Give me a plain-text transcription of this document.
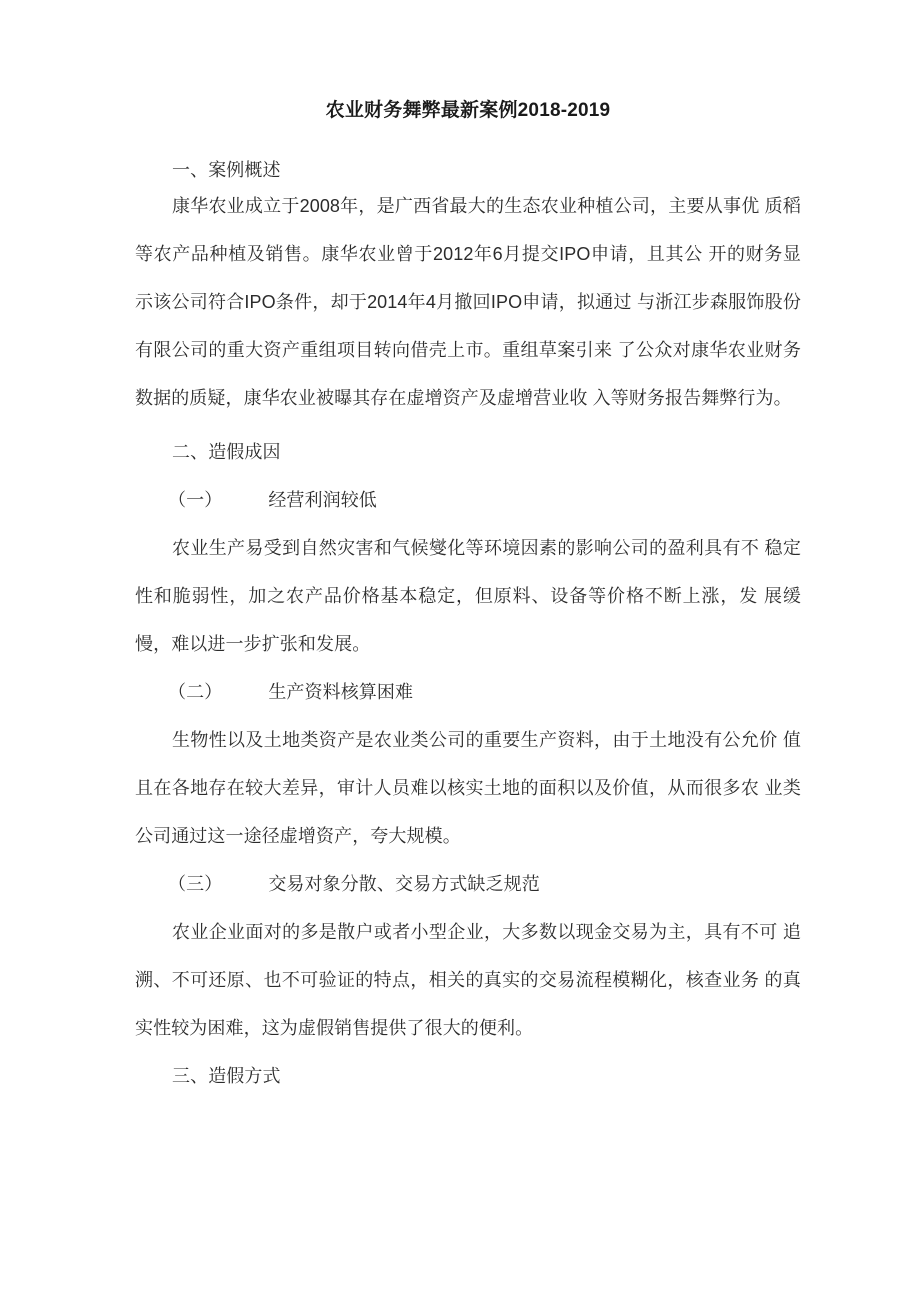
农业财务舞弊最新案例2018-2019

一、案例概述

康华农业成立于2008年，是广西省最大的生态农业种植公司，主要从事优 质稻等农产品种植及销售。康华农业曾于2012年6月提交IPO申请，且其公 开的财务显示该公司符合IPO条件，却于2014年4月撤回IPO申请，拟通过 与浙江步森服饰股份有限公司的重大资产重组项目转向借壳上市。重组草案引来 了公众对康华农业财务数据的质疑，康华农业被曝其存在虚增资产及虚增营业收 入等财务报告舞弊行为。

二、造假成因

（一）	经营利润较低

农业生产易受到自然灾害和气候燮化等环境因素的影响公司的盈利具有不 稳定性和脆弱性，加之农产品价格基本稳定，但原料、设备等价格不断上涨，发 展缓慢，难以进一步扩张和发展。

（二）	生产资料核算困难

生物性以及土地类资产是农业类公司的重要生产资料，由于土地没有公允价 值且在各地存在较大差异，审计人员难以核实土地的面积以及价值，从而很多农 业类公司通过这一途径虚增资产，夸大规模。

（三）	交易对象分散、交易方式缺乏规范

农业企业面对的多是散户或者小型企业，大多数以现金交易为主，具有不可 追溯、不可还原、也不可验证的特点，相关的真实的交易流程模糊化，核查业务 的真实性较为困难，这为虚假销售提供了很大的便利。

三、造假方式
